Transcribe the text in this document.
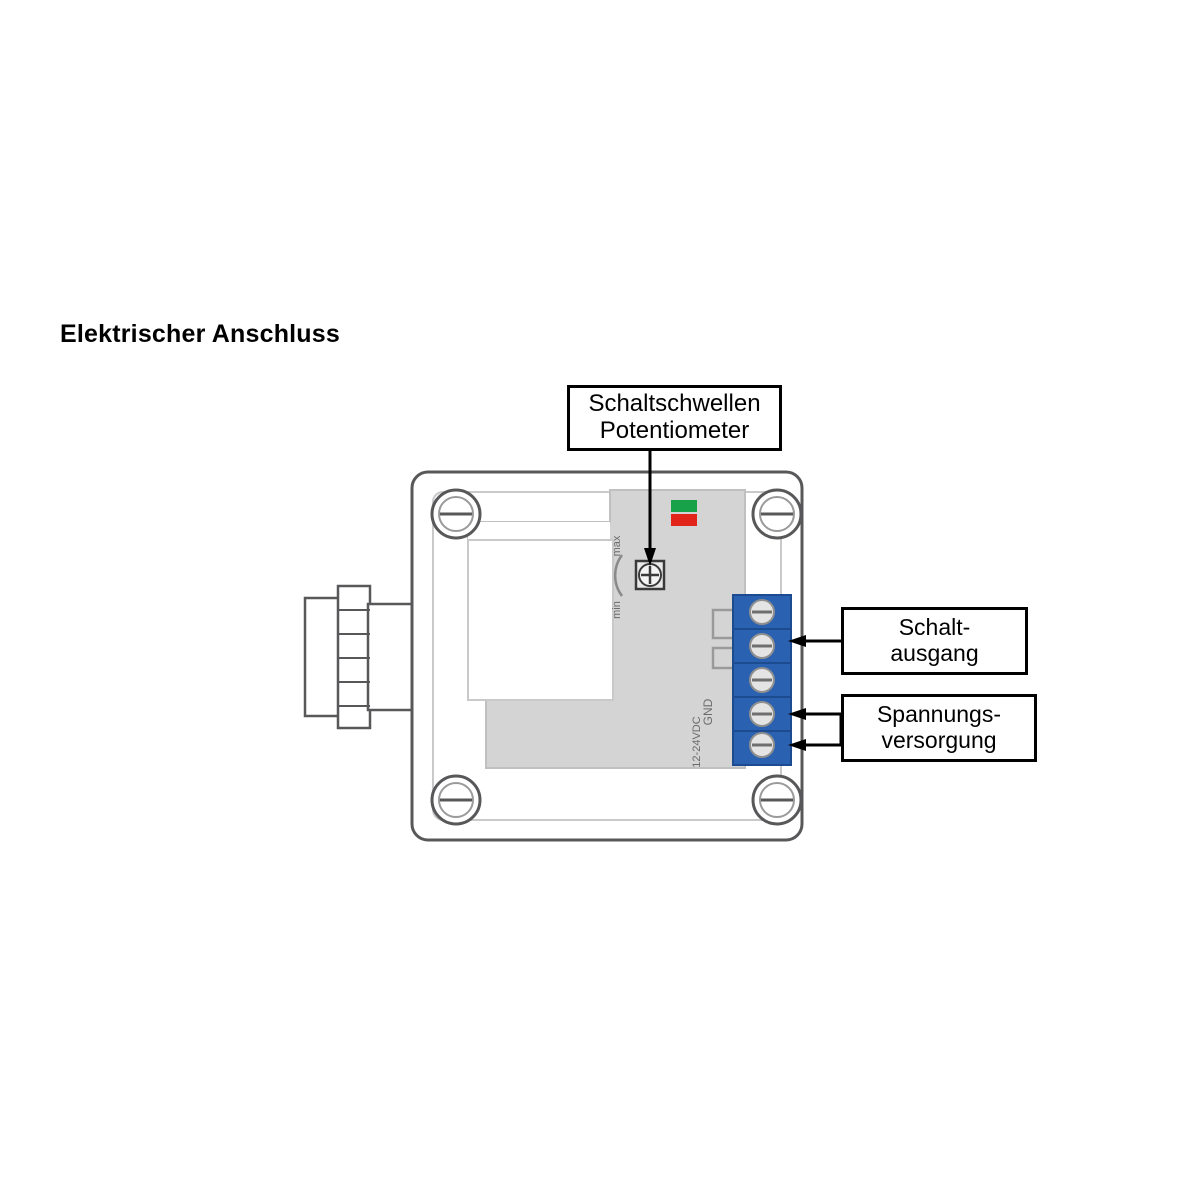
Elektrischer Anschluss
max
min
GND
12-24VDC
Schaltschwellen
Potentiometer
Schalt-
ausgang
Spannungs-
versorgung
